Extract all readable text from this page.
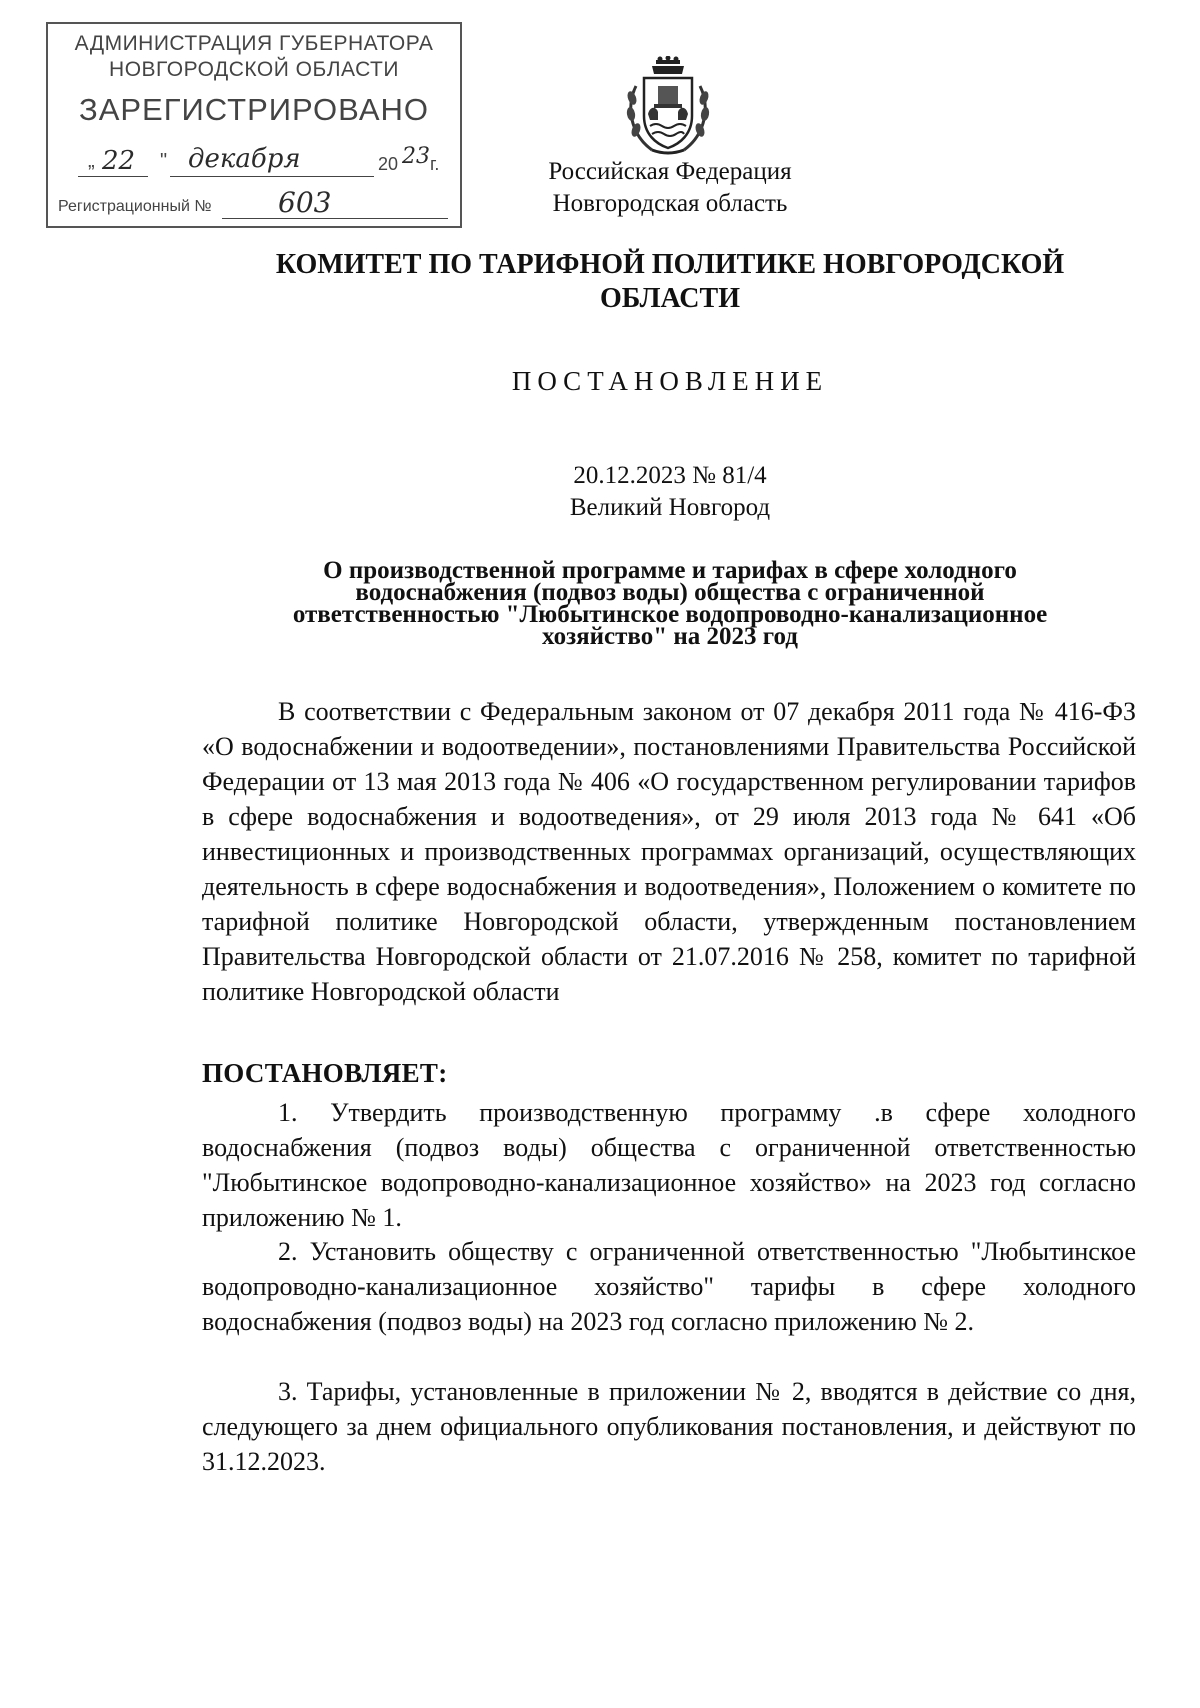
АДМИНИСТРАЦИЯ ГУБЕРНАТОРА
НОВГОРОДСКОЙ ОБЛАСТИ
ЗАРЕГИСТРИРОВАНО
„ 22 " декабря	20 23 г.
Регистрационный № 603
Российская Федерация
Новгородская область
КОМИТЕТ ПО ТАРИФНОЙ ПОЛИТИКЕ НОВГОРОДСКОЙ
ОБЛАСТИ
ПОСТАНОВЛЕНИЕ
20.12.2023 № 81/4
Великий Новгород
О производственной программе и тарифах в сфере холодного
водоснабжения (подвоз воды) общества с ограниченной
ответственностью "Любытинское водопроводно-канализационное
хозяйство" на 2023 год

В соответствии с Федеральным законом от 07 декабря 2011 года № 416-ФЗ «О водоснабжении и водоотведении», постановлениями Правительства Российской Федерации от 13 мая 2013 года № 406 «О государственном регулировании тарифов в сфере водоснабжения и водоотведения», от 29 июля 2013 года № 641 «Об инвестиционных и производственных программах организаций, осуществляющих деятельность в сфере водоснабжения и водоотведения», Положением о комитете по тарифной политике Новгородской области, утвержденным постановлением Правительства Новгородской области от 21.07.2016 № 258, комитет по тарифной политике Новгородской области

ПОСТАНОВЛЯЕТ:

1. Утвердить производственную программу .в сфере холодного водоснабжения (подвоз воды) общества с ограниченной ответственностью "Любытинское водопроводно-канализационное хозяйство» на 2023 год согласно приложению № 1.

2. Установить обществу с ограниченной ответственностью "Любытинское водопроводно-канализационное хозяйство" тарифы в сфере холодного водоснабжения (подвоз воды) на 2023 год согласно приложению № 2.

3. Тарифы, установленные в приложении № 2, вводятся в действие со дня, следующего за днем официального опубликования постановления, и действуют по 31.12.2023.
